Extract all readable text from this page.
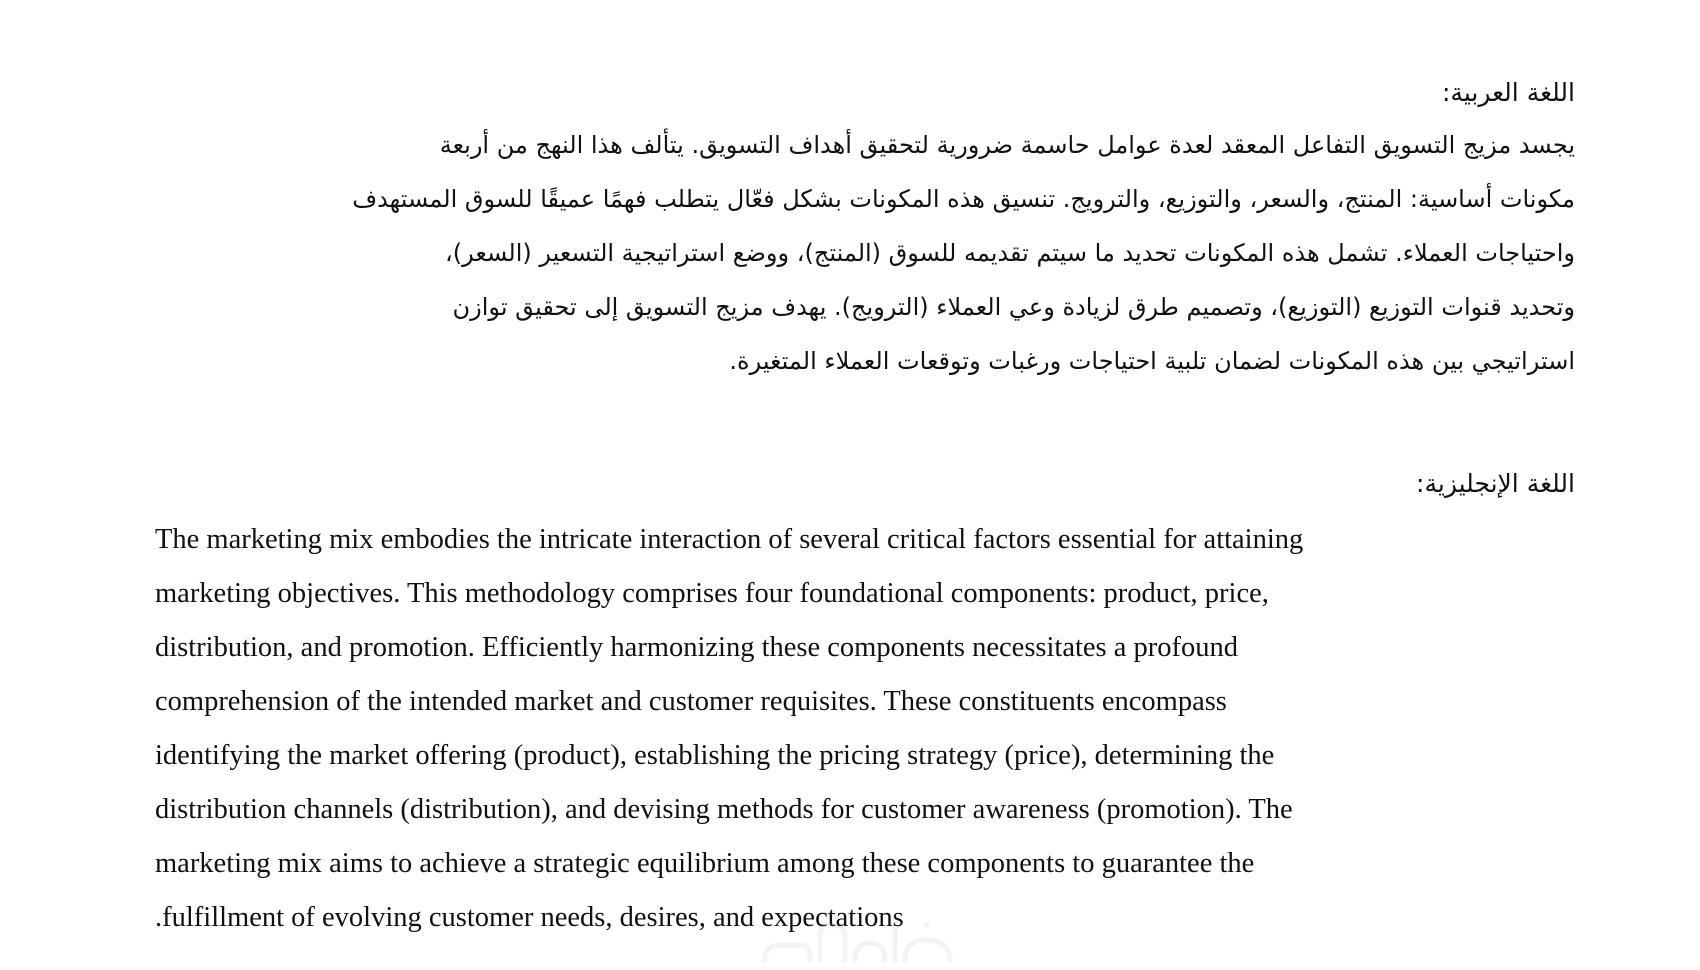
اللغة العربية:

يجسد مزيج التسويق التفاعل المعقد لعدة عوامل حاسمة ضرورية لتحقيق أهداف التسويق. يتألف هذا النهج من أربعة
مكونات أساسية: المنتج، والسعر، والتوزيع، والترويج. تنسيق هذه المكونات بشكل فعّال يتطلب فهمًا عميقًا للسوق المستهدف
واحتياجات العملاء. تشمل هذه المكونات تحديد ما سيتم تقديمه للسوق (المنتج)، ووضع استراتيجية التسعير (السعر)،
وتحديد قنوات التوزيع (التوزيع)، وتصميم طرق لزيادة وعي العملاء (الترويج). يهدف مزيج التسويق إلى تحقيق توازن
استراتيجي بين هذه المكونات لضمان تلبية احتياجات ورغبات وتوقعات العملاء المتغيرة.

اللغة الإنجليزية:

The marketing mix embodies the intricate interaction of several critical factors essential for attaining
marketing objectives. This methodology comprises four foundational components: product, price,
distribution, and promotion. Efficiently harmonizing these components necessitates a profound
comprehension of the intended market and customer requisites. These constituents encompass
identifying the market offering (product), establishing the pricing strategy (price), determining the
distribution channels (distribution), and devising methods for customer awareness (promotion). The
marketing mix aims to achieve a strategic equilibrium among these components to guarantee the
.fulfillment of evolving customer needs, desires, and expectations
